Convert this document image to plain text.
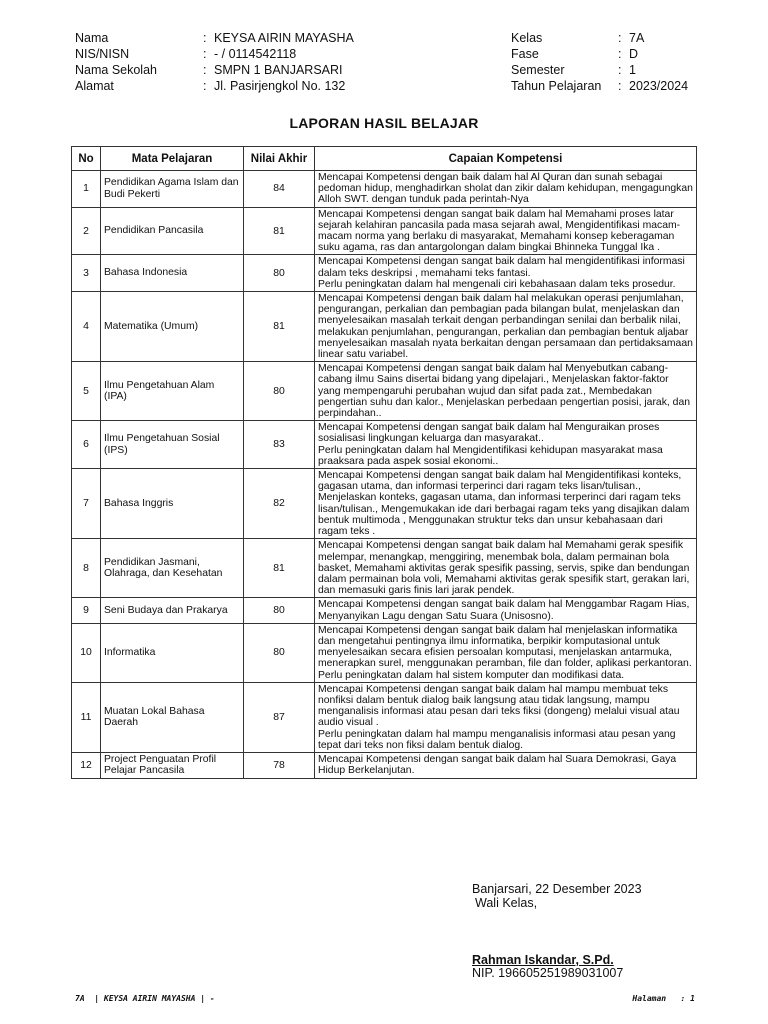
Nama	: KEYSA AIRIN MAYASHA	Kelas	: 7A
NIS/NISN	: - / 0114542118	Fase	: D
Nama Sekolah	: SMPN 1 BANJARSARI	Semester	: 1
Alamat	: Jl. Pasirjengkol No. 132	Tahun Pelajaran : 2023/2024
LAPORAN HASIL BELAJAR
No	Mata Pelajaran	Nilai Akhir	Capaian Kompetensi
1	Pendidikan Agama Islam dan Budi Pekerti	84	Mencapai Kompetensi dengan baik dalam hal Al Quran dan sunah sebagai pedoman hidup, menghadirkan sholat dan zikir dalam kehidupan, mengagungkan Alloh SWT. dengan tunduk pada perintah-Nya
2	Pendidikan Pancasila	81	Mencapai Kompetensi dengan sangat baik dalam hal Memahami proses latar sejarah kelahiran pancasila pada masa sejarah awal, Mengidentifikasi macam-macam norma yang berlaku di masyarakat, Memahami konsep keberagaman suku agama, ras dan antargolongan dalam bingkai Bhinneka Tunggal Ika .
3	Bahasa Indonesia	80	Mencapai Kompetensi dengan sangat baik dalam hal mengidentifikasi informasi dalam teks deskripsi , memahami teks fantasi.
Perlu peningkatan dalam hal mengenali ciri kebahasaan dalam teks prosedur.
4	Matematika (Umum)	81	Mencapai Kompetensi dengan baik dalam hal melakukan operasi penjumlahan, pengurangan, perkalian dan pembagian pada bilangan bulat, menjelaskan dan menyelesaikan masalah terkait dengan perbandingan senilai dan berbalik nilai, melakukan penjumlahan, pengurangan, perkalian dan pembagian bentuk aljabar menyelesaikan masalah nyata berkaitan dengan persamaan dan pertidaksamaan linear satu variabel.
5	Ilmu Pengetahuan Alam (IPA)	80	Mencapai Kompetensi dengan sangat baik dalam hal Menyebutkan cabang-cabang ilmu Sains disertai bidang yang dipelajari., Menjelaskan faktor-faktor yang mempengaruhi perubahan wujud dan sifat pada zat., Membedakan pengertian suhu dan kalor., Menjelaskan perbedaan pengertian posisi, jarak, dan perpindahan..
6	Ilmu Pengetahuan Sosial (IPS)	83	Mencapai Kompetensi dengan sangat baik dalam hal Menguraikan proses sosialisasi lingkungan keluarga dan masyarakat..
Perlu peningkatan dalam hal Mengidentifikasi kehidupan masyarakat masa praaksara pada aspek sosial ekonomi..
7	Bahasa Inggris	82	Mencapai Kompetensi dengan sangat baik dalam hal Mengidentifikasi konteks, gagasan utama, dan informasi terperinci dari ragam teks lisan/tulisan., Menjelaskan konteks, gagasan utama, dan informasi terperinci dari ragam teks lisan/tulisan., Mengemukakan ide dari berbagai ragam teks yang disajikan dalam bentuk multimoda , Menggunakan struktur teks dan unsur kebahasaan dari ragam teks .
8	Pendidikan Jasmani, Olahraga, dan Kesehatan	81	Mencapai Kompetensi dengan sangat baik dalam hal Memahami gerak spesifik melempar, menangkap, menggiring, menembak bola, dalam permainan bola basket, Memahami aktivitas gerak spesifik passing, servis, spike dan bendungan dalam permainan bola voli, Memahami aktivitas gerak spesifik start, gerakan lari, dan memasuki garis finis lari jarak pendek.
9	Seni Budaya dan Prakarya	80	Mencapai Kompetensi dengan sangat baik dalam hal Menggambar Ragam Hias, Menyanyikan Lagu dengan Satu Suara (Unisosno).
10	Informatika	80	Mencapai Kompetensi dengan sangat baik dalam hal menjelaskan informatika dan mengetahui pentingnya ilmu informatika, berpikir komputasional untuk menyelesaikan secara efisien persoalan komputasi, menjelaskan antarmuka, menerapkan surel, menggunakan peramban, file dan folder, aplikasi perkantoran.
Perlu peningkatan dalam hal sistem komputer dan modifikasi data.
11	Muatan Lokal Bahasa Daerah	87	Mencapai Kompetensi dengan sangat baik dalam hal mampu membuat teks nonfiksi dalam bentuk dialog baik langsung atau tidak langsung, mampu menganalisis informasi atau pesan dari teks fiksi (dongeng) melalui visual atau audio visual .
Perlu peningkatan dalam hal mampu menganalisis informasi atau pesan yang tepat dari teks non fiksi dalam bentuk dialog.
12	Project Penguatan Profil Pelajar Pancasila	78	Mencapai Kompetensi dengan sangat baik dalam hal Suara Demokrasi, Gaya Hidup Berkelanjutan.
Banjarsari, 22 Desember 2023
Wali Kelas,
Rahman Iskandar, S.Pd.
NIP. 196605251989031007
7A  | KEYSA AIRIN MAYASHA | -	Halaman   : 1
